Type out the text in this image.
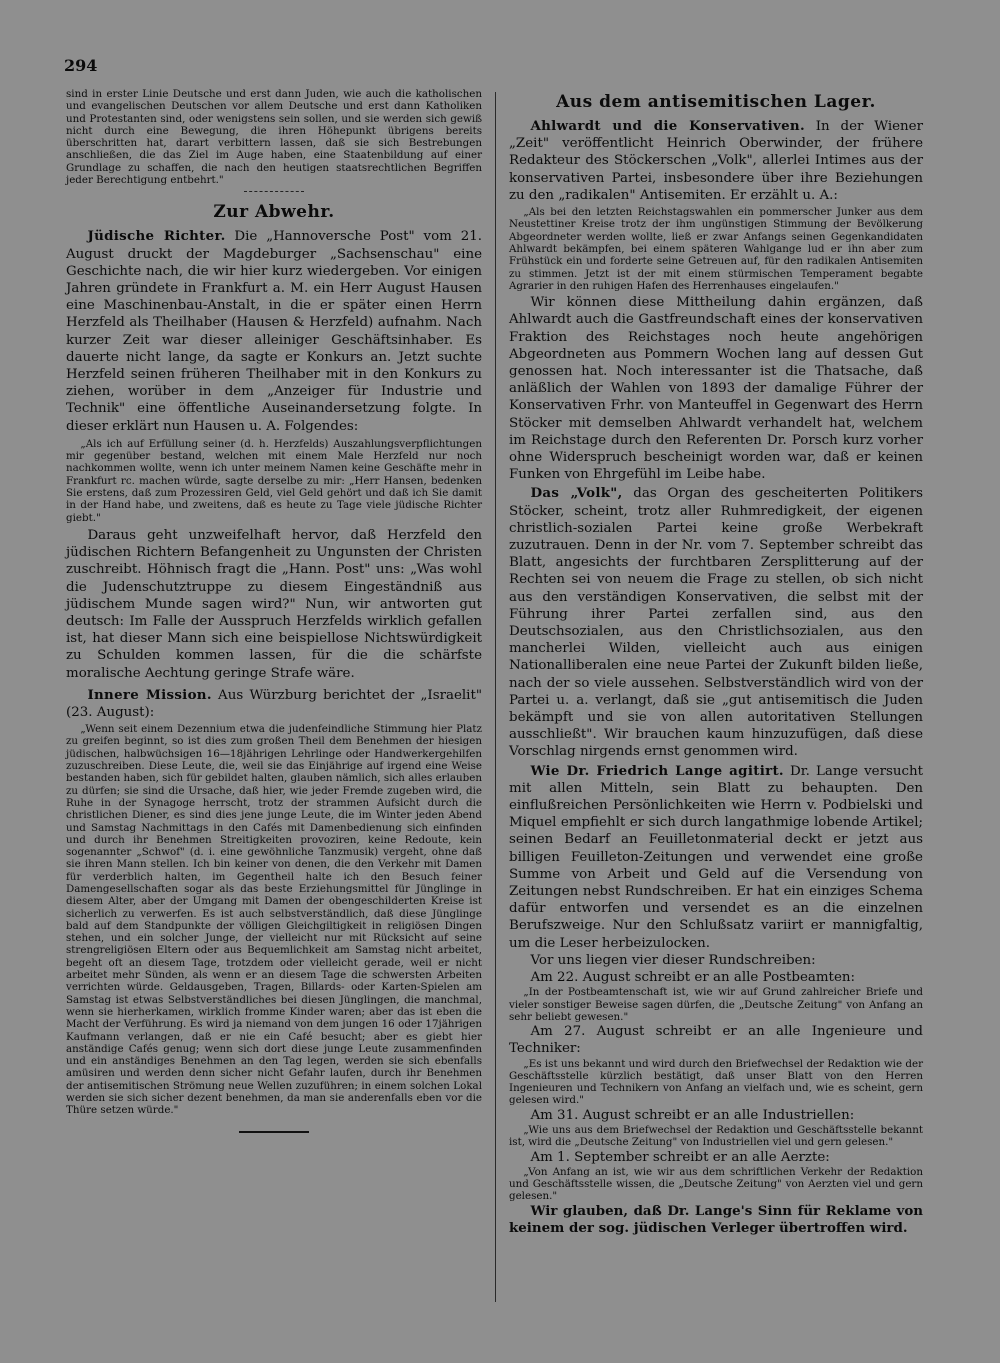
294

sind in erster Linie Deutsche und erst dann Juden, wie auch die katholischen und evangelischen Deutschen vor allem Deutsche und erst dann Katholiken und Protestanten sind, oder wenigstens sein sollen, und sie werden sich gewiß nicht durch eine Bewegung, die ihren Höhepunkt übrigens bereits überschritten hat, darart verbittern lassen, daß sie sich Bestrebungen anschließen, die das Ziel im Auge haben, eine Staatenbildung auf einer Grundlage zu schaffen, die nach den heutigen staatsrechtlichen Begriffen jeder Berechtigung entbehrt."

Zur Abwehr.

Jüdische Richter. Die „Hannoversche Post" vom 21. August druckt der Magdeburger „Sachsenschau" eine Geschichte nach, die wir hier kurz wiedergeben. Vor einigen Jahren gründete in Frankfurt a. M. ein Herr August Hausen eine Maschinenbau-Anstalt, in die er später einen Herrn Herzfeld als Theilhaber (Hausen & Herzfeld) aufnahm. Nach kurzer Zeit war dieser alleiniger Geschäftsinhaber. Es dauerte nicht lange, da sagte er Konkurs an. Jetzt suchte Herzfeld seinen früheren Theilhaber mit in den Konkurs zu ziehen, worüber in dem „Anzeiger für Industrie und Technik" eine öffentliche Auseinandersetzung folgte. In dieser erklärt nun Hausen u. A. Folgendes:

„Als ich auf Erfüllung seiner (d. h. Herzfelds) Auszahlungsverpflichtungen mir gegenüber bestand, welchen mit einem Male Herzfeld nur noch nachkommen wollte, wenn ich unter meinem Namen keine Geschäfte mehr in Frankfurt rc. machen würde, sagte derselbe zu mir: „Herr Hansen, bedenken Sie erstens, daß zum Prozessiren Geld, viel Geld gehört und daß ich Sie damit in der Hand habe, und zweitens, daß es heute zu Tage viele jüdische Richter giebt."

Daraus geht unzweifelhaft hervor, daß Herzfeld den jüdischen Richtern Befangenheit zu Ungunsten der Christen zuschreibt. Höhnisch fragt die „Hann. Post" uns: „Was wohl die Judenschutztruppe zu diesem Eingeständniß aus jüdischem Munde sagen wird?" Nun, wir antworten gut deutsch: Im Falle der Ausspruch Herzfelds wirklich gefallen ist, hat dieser Mann sich eine beispiellose Nichtswürdigkeit zu Schulden kommen lassen, für die die schärfste moralische Aechtung geringe Strafe wäre.

Innere Mission. Aus Würzburg berichtet der „Israelit" (23. August):

„Wenn seit einem Dezennium etwa die judenfeindliche Stimmung hier Platz zu greifen beginnt, so ist dies zum großen Theil dem Benehmen der hiesigen jüdischen, halbwüchsigen 16—18jährigen Lehrlinge oder Handwerkergehilfen zuzuschreiben. Diese Leute, die, weil sie das Einjährige auf irgend eine Weise bestanden haben, sich für gebildet halten, glauben nämlich, sich alles erlauben zu dürfen; sie sind die Ursache, daß hier, wie jeder Fremde zugeben wird, die Ruhe in der Synagoge herrscht, trotz der strammen Aufsicht durch die christlichen Diener, es sind dies jene junge Leute, die im Winter jeden Abend und Samstag Nachmittags in den Cafés mit Damenbedienung sich einfinden und durch ihr Benehmen Streitigkeiten provoziren, keine Redoute, kein sogenannter „Schwof" (d. i. eine gewöhnliche Tanzmusik) vergeht, ohne daß sie ihren Mann stellen. Ich bin keiner von denen, die den Verkehr mit Damen für verderblich halten, im Gegentheil halte ich den Besuch feiner Damengesellschaften sogar als das beste Erziehungsmittel für Jünglinge in diesem Alter, aber der Umgang mit Damen der obengeschilderten Kreise ist sicherlich zu verwerfen. Es ist auch selbstverständlich, daß diese Jünglinge bald auf dem Standpunkte der völligen Gleichgiltigkeit in religiösen Dingen stehen, und ein solcher Junge, der vielleicht nur mit Rücksicht auf seine strengreligiösen Eltern oder aus Bequemlichkeit am Samstag nicht arbeitet, begeht oft an diesem Tage, trotzdem oder vielleicht gerade, weil er nicht arbeitet mehr Sünden, als wenn er an diesem Tage die schwersten Arbeiten verrichten würde. Geldausgeben, Tragen, Billards- oder Karten-Spielen am Samstag ist etwas Selbstverständliches bei diesen Jünglingen, die manchmal, wenn sie hierherkamen, wirklich fromme Kinder waren; aber das ist eben die Macht der Verführung. Es wird ja niemand von dem jungen 16 oder 17jährigen Kaufmann verlangen, daß er nie ein Café besucht; aber es giebt hier anständige Cafés genug; wenn sich dort diese junge Leute zusammenfinden und ein anständiges Benehmen an den Tag legen, werden sie sich ebenfalls amüsiren und werden denn sicher nicht Gefahr laufen, durch ihr Benehmen der antisemitischen Strömung neue Wellen zuzuführen; in einem solchen Lokal werden sie sich sicher dezent benehmen, da man sie anderenfalls eben vor die Thüre setzen würde."

Aus dem antisemitischen Lager.

Ahlwardt und die Konservativen. In der Wiener „Zeit" veröffentlicht Heinrich Oberwinder, der frühere Redakteur des Stöckerschen „Volk", allerlei Intimes aus der konservativen Partei, insbesondere über ihre Beziehungen zu den „radikalen" Antisemiten. Er erzählt u. A.:

„Als bei den letzten Reichstagswahlen ein pommerscher Junker aus dem Neustettiner Kreise trotz der ihm ungünstigen Stimmung der Bevölkerung Abgeordneter werden wollte, ließ er zwar Anfangs seinen Gegenkandidaten Ahlwardt bekämpfen, bei einem späteren Wahlgange lud er ihn aber zum Frühstück ein und forderte seine Getreuen auf, für den radikalen Antisemiten zu stimmen. Jetzt ist der mit einem stürmischen Temperament begabte Agrarier in den ruhigen Hafen des Herrenhauses eingelaufen."

Wir können diese Mittheilung dahin ergänzen, daß Ahlwardt auch die Gastfreundschaft eines der konservativen Fraktion des Reichstages noch heute angehörigen Abgeordneten aus Pommern Wochen lang auf dessen Gut genossen hat. Noch interessanter ist die Thatsache, daß anläßlich der Wahlen von 1893 der damalige Führer der Konservativen Frhr. von Manteuffel in Gegenwart des Herrn Stöcker mit demselben Ahlwardt verhandelt hat, welchem im Reichstage durch den Referenten Dr. Porsch kurz vorher ohne Widerspruch bescheinigt worden war, daß er keinen Funken von Ehrgefühl im Leibe habe.

Das „Volk", das Organ des gescheiterten Politikers Stöcker, scheint, trotz aller Ruhmredigkeit, der eigenen christlich-sozialen Partei keine große Werbekraft zuzutrauen. Denn in der Nr. vom 7. September schreibt das Blatt, angesichts der furchtbaren Zersplitterung auf der Rechten sei von neuem die Frage zu stellen, ob sich nicht aus den verständigen Konservativen, die selbst mit der Führung ihrer Partei zerfallen sind, aus den Deutschsozialen, aus den Christlichsozialen, aus den mancherlei Wilden, vielleicht auch aus einigen Nationalliberalen eine neue Partei der Zukunft bilden ließe, nach der so viele aussehen. Selbstverständlich wird von der Partei u. a. verlangt, daß sie „gut antisemitisch die Juden bekämpft und sie von allen autoritativen Stellungen ausschließt". Wir brauchen kaum hinzuzufügen, daß diese Vorschlag nirgends ernst genommen wird.

Wie Dr. Friedrich Lange agitirt. Dr. Lange versucht mit allen Mitteln, sein Blatt zu behaupten. Den einflußreichen Persönlichkeiten wie Herrn v. Podbielski und Miquel empfiehlt er sich durch langathmige lobende Artikel; seinen Bedarf an Feuilletonmaterial deckt er jetzt aus billigen Feuilleton-Zeitungen und verwendet eine große Summe von Arbeit und Geld auf die Versendung von Zeitungen nebst Rundschreiben. Er hat ein einziges Schema dafür entworfen und versendet es an die einzelnen Berufszweige. Nur den Schlußsatz variirt er mannigfaltig, um die Leser herbeizulocken.

Vor uns liegen vier dieser Rundschreiben:

Am 22. August schreibt er an alle Postbeamten:

„In der Postbeamtenschaft ist, wie wir auf Grund zahlreicher Briefe und vieler sonstiger Beweise sagen dürfen, die „Deutsche Zeitung" von Anfang an sehr beliebt gewesen."

Am 27. August schreibt er an alle Ingenieure und Techniker:

„Es ist uns bekannt und wird durch den Briefwechsel der Redaktion wie der Geschäftsstelle kürzlich bestätigt, daß unser Blatt von den Herren Ingenieuren und Technikern von Anfang an vielfach und, wie es scheint, gern gelesen wird."

Am 31. August schreibt er an alle Industriellen:

„Wie uns aus dem Briefwechsel der Redaktion und Geschäftsstelle bekannt ist, wird die „Deutsche Zeitung" von Industriellen viel und gern gelesen."

Am 1. September schreibt er an alle Aerzte:

„Von Anfang an ist, wie wir aus dem schriftlichen Verkehr der Redaktion und Geschäftsstelle wissen, die „Deutsche Zeitung" von Aerzten viel und gern gelesen."

Wir glauben, daß Dr. Lange's Sinn für Reklame von keinem der sog. jüdischen Verleger übertroffen wird.
